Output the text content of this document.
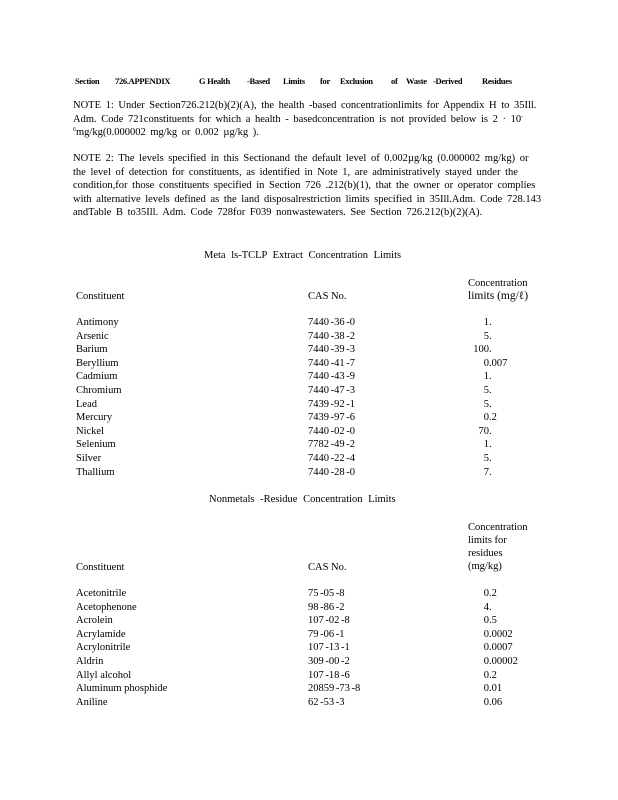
Section 726.APPENDIX	G Health -Based Limits for Exclusion of Waste -Derived Residues

NOTE 1: Under Section726.212(b)(2)(A), the health -based concentrationlimits for Appendix H to 35Ill. Adm. Code 721constituents for which a health - basedconcentration is not provided below is $2 \cdot 10^{-6}mg/kg(0.000002$ mg/kg or 0.002 µg/kg ).

NOTE 2: The levels specified in this Sectionand the default level of 0.002µg/kg (0.000002 mg/kg) or the level of detection for constituents, as identified in Note 1, are administratively stayed under the condition,for those constituents specified in Section 726 .212(b)(1), that the owner or operator complies with alternative levels defined as the land disposalrestriction limits specified in 35Ill.Adm. Code 728.143 andTable B to35Ill. Adm. Code 728for F039 nonwastewaters. See Section 726.212(b)(2)(A).

Meta ls-TCLP Extract Concentration Limits
Constituent	CAS No.
Concentration
limits (mg/ℓ)
Antimony	7440 -36 -0	1.
Arsenic	7440 -38 -2	5.
Barium	7440 -39 -3	100.
Beryllium	7440 -41 -7	0.007
Cadmium	7440 -43 -9	1.
Chromium	7440 -47 -3	5.
Lead	7439 -92 -1	5.
Mercury	7439 -97 -6	0.2
Nickel	7440 -02 -0	70.
Selenium	7782 -49 -2	1.
Silver	7440 -22 -4	5.
Thallium	7440 -28 -0	7.
Nonmetals -Residue Concentration Limits
Constituent	CAS No.
Concentration
limits for
residues
(mg/kg)
Acetonitrile	75 -05 -8	0.2
Acetophenone	98 -86 -2	4.
Acrolein	107 -02 -8	0.5
Acrylamide	79 -06 -1	0.0002
Acrylonitrile	107 -13 -1	0.0007
Aldrin	309 -00 -2	0.00002
Allyl alcohol	107 -18 -6	0.2
Aluminum phosphide	20859 -73 -8	0.01
Aniline	62 -53 -3	0.06
